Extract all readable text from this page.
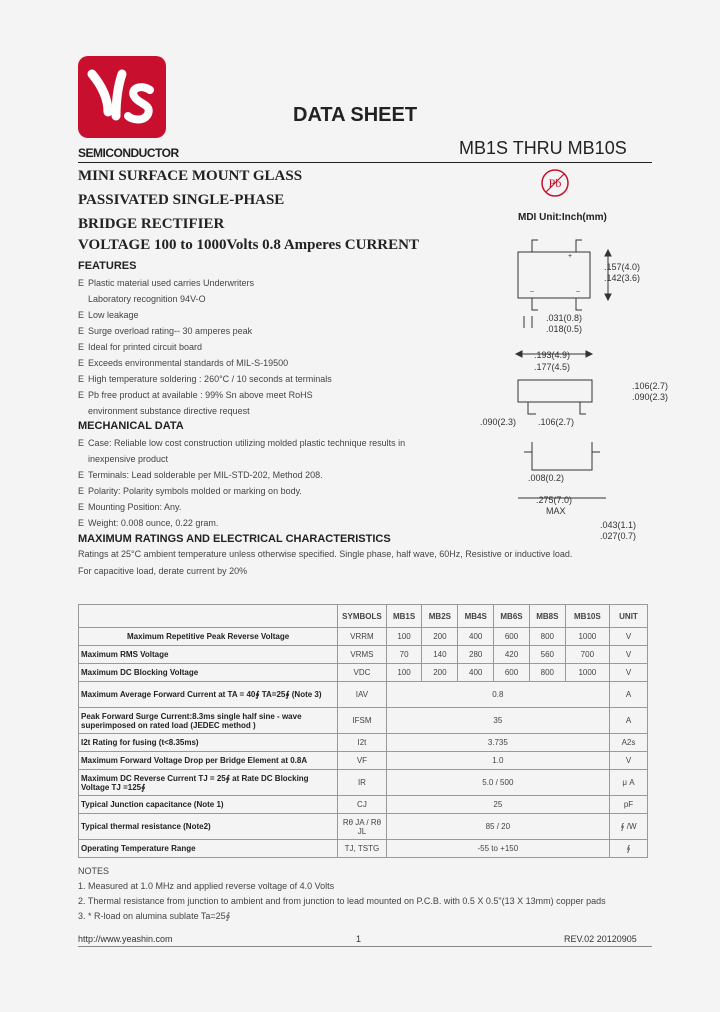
SEMICONDUCTOR
DATA SHEET
MB1S THRU MB10S
MINI SURFACE MOUNT GLASS
PASSIVATED SINGLE-PHASE
BRIDGE RECTIFIER
VOLTAGE 100 to 1000Volts 0.8 Amperes CURRENT
Pb
FEATURES
Ε Plastic material used carries Underwriters
Laboratory recognition 94V-O
Ε Low leakage
Ε Surge overload rating-- 30 amperes peak
Ε Ideal for printed circuit board
Ε Exceeds environmental standards of MIL-S-19500
Ε High temperature soldering : 260°C / 10 seconds at terminals
Ε Pb free product at available : 99% Sn above meet RoHS
environment substance directive request
MECHANICAL DATA
Ε Case: Reliable low cost construction utilizing molded plastic technique results in
inexpensive product
Ε Terminals: Lead solderable per MIL-STD-202, Method 208.
Ε Polarity: Polarity symbols molded or marking on body.
Ε Mounting Position: Any.
Ε Weight: 0.008 ounce, 0.22 gram.
MAXIMUM RATINGS AND ELECTRICAL CHARACTERISTICS
Ratings at 25°C ambient temperature unless otherwise specified. Single phase, half wave, 60Hz, Resistive or inductive load.
For capacitive load, derate current by 20%
MDI Unit:Inch(mm)
+
~	~
.157(4.0)
.142(3.6)
.031(0.8)
.018(0.5)
.193(4.9)
.177(4.5)
.106(2.7)
.090(2.3)
.090(2.3) .106(2.7)
.008(0.2)
.275(7.0)
MAX
.043(1.1)
.027(0.7)
	SYMBOLS	MB1S	MB2S	MB4S	MB6S	MB8S	MB10S	UNIT
Maximum Repetitive Peak Reverse Voltage	VRRM	100	200	400	600	800	1000	V
Maximum RMS Voltage	VRMS	70	140	280	420	560	700	V
Maximum DC Blocking Voltage	VDC	100	200	400	600	800	1000	V
Maximum Average Forward Current at TA = 40∮ TA=25∮ (Note 3)	IAV	0.8						A
Peak Forward Surge Current:8.3ms single half sine - wave superimposed on rated load (JEDEC method )	IFSM	35						A
I2t Rating for fusing (t<8.35ms)	I2t	3.735						A2s
Maximum Forward Voltage Drop per Bridge Element at 0.8A	VF	1.0						V
Maximum DC Reverse Current TJ = 25∮ at Rate DC Blocking Voltage TJ =125∮	IR	5.0 / 500						μ A
Typical Junction capacitance (Note 1)	CJ	25						pF
Typical thermal resistance (Note2)	Rθ JA / Rθ JL	85 / 20						∮ /W
Operating Temperature Range	TJ, TSTG	-55 to +150						∮
NOTES
1. Measured at 1.0 MHz and applied reverse voltage of 4.0 Volts
2. Thermal resistance from junction to ambient and from junction to lead mounted on P.C.B. with 0.5 X 0.5"(13 X 13mm) copper pads
3. * R-load on alumina sublate Ta=25∮
http://www.yeashin.com	1	REV.02 20120905
